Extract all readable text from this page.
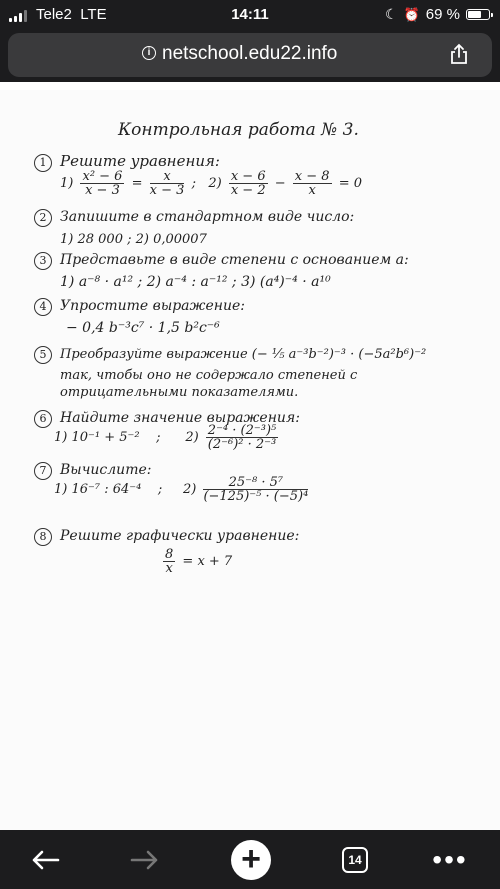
Tele2 LTE	14:11	☾ ⏰ 69 %
i netschool.edu22.info
Контрольная работа № 3.
1 Решите уравнения:
$1) \frac{\text{x² − 6}}{x - 3} = \frac{x}{x - 3}$ ; $2) \frac{x - 6}{x - 2} - \frac{x - 8}{x} = 0$
2 Запишите в стандартном виде число:
1) 28 000 ; 2) 0,00007
3 Представьте в виде степени с основанием a:
1) a⁻⁸ · a¹² ; 2) a⁻⁴ : a⁻¹² ; 3) (a⁴)⁻⁴ · a¹⁰
4 Упростите выражение:
− 0,4 b⁻³c⁷ · 1,5 b²c⁻⁶
5 Преобразуйте выражение (− ⅕ a⁻³b⁻²)⁻³ · (−5a²b⁶)⁻²
так, чтобы оно не содержало степеней с
отрицательными показателями.
6 Найдите значение выражения:
1) 10⁻¹ + 5⁻² ; $2) \frac{\text{2⁻⁴ · (2⁻³)⁵}}{\text{(2⁻⁶)² · 2⁻³}}$
7 Вычислите:
1) 16⁻⁷ : 64⁻⁴ ; $2) \frac{\text{25⁻⁸ · 5⁷}}{\text{(−125)⁻⁵ · (−5)⁴}}$
8 Решите графически уравнение:
$\frac{8}{x} = x + 7$
+	14	•••
